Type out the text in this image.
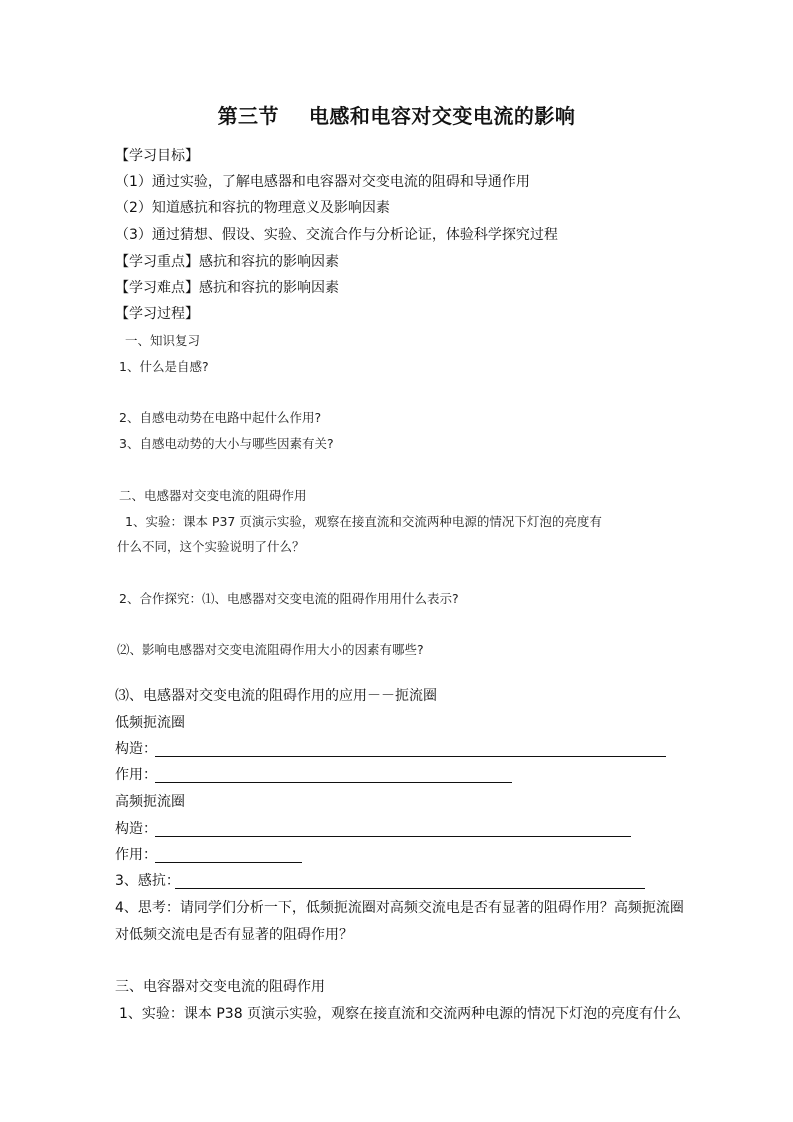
第三节    电感和电容对交变电流的影响
【学习目标】
（1）通过实验，了解电感器和电容器对交变电流的阻碍和导通作用
（2）知道感抗和容抗的物理意义及影响因素
（3）通过猜想、假设、实验、交流合作与分析论证，体验科学探究过程
【学习重点】感抗和容抗的影响因素
【学习难点】感抗和容抗的影响因素
【学习过程】
一、知识复习
1、什么是自感?
2、自感电动势在电路中起什么作用?
3、自感电动势的大小与哪些因素有关?
二、电感器对交变电流的阻碍作用
1、实验：课本 P37 页演示实验，观察在接直流和交流两种电源的情况下灯泡的亮度有
什么不同，这个实验说明了什么？
2、合作探究：⑴、电感器对交变电流的阻碍作用用什么表示?
⑵、影响电感器对交变电流阻碍作用大小的因素有哪些?
⑶、电感器对交变电流的阻碍作用的应用－－扼流圈
低频扼流圈
构造：
作用：
高频扼流圈
构造：
作用：
3、感抗：
4、思考：请同学们分析一下，低频扼流圈对高频交流电是否有显著的阻碍作用？高频扼流圈
对低频交流电是否有显著的阻碍作用？
三、电容器对交变电流的阻碍作用
1、实验：课本 P38 页演示实验，观察在接直流和交流两种电源的情况下灯泡的亮度有什么
